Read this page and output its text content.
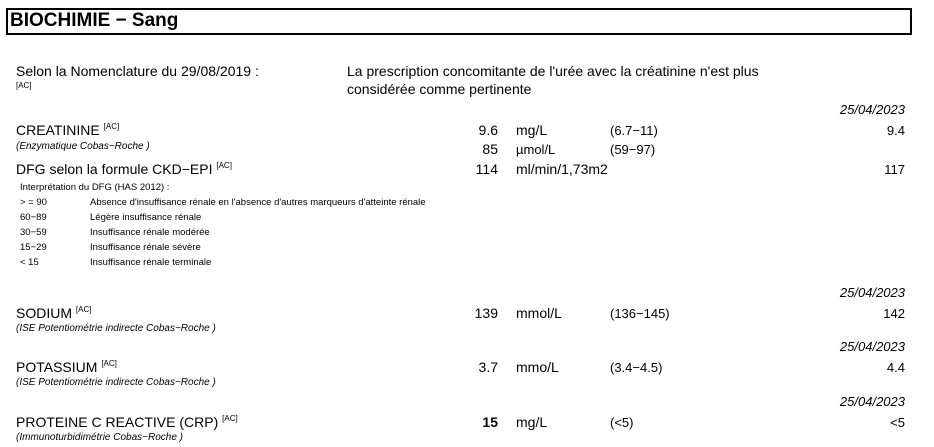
BIOCHIMIE − Sang
Selon la Nomenclature du 29/08/2019 :
[AC]
La prescription concomitante de l'urée avec la créatinine n'est plus
considérée comme pertinente
25/04/2023
CREATININE [AC]
(Enzymatique Cobas−Roche )
9.6 mg/L	(6.7−11)	9.4
85 µmol/L	(59−97)
DFG selon la formule CKD−EPI [AC]	114 ml/min/1,73m2	117
Interprétation du DFG (HAS 2012) :
> = 90	Absence d'insuffisance rénale en l'absence d'autres marqueurs d'atteinte rénale
60−89	Légère insuffisance rénale
30−59	Insuffisance rénale modérée
15−29	Insuffisance rénale sévère
< 15	Insuffisance rénale terminale
25/04/2023
SODIUM [AC]
(ISE Potentiométrie indirecte Cobas−Roche )
139 mmol/L	(136−145)	142
25/04/2023
POTASSIUM [AC]
(ISE Potentiométrie indirecte Cobas−Roche )
3.7 mmo/L	(3.4−4.5)	4.4
25/04/2023
PROTEINE C REACTIVE (CRP) [AC]
(Immunoturbidimétrie Cobas−Roche )
15 mg/L	(<5)	<5
